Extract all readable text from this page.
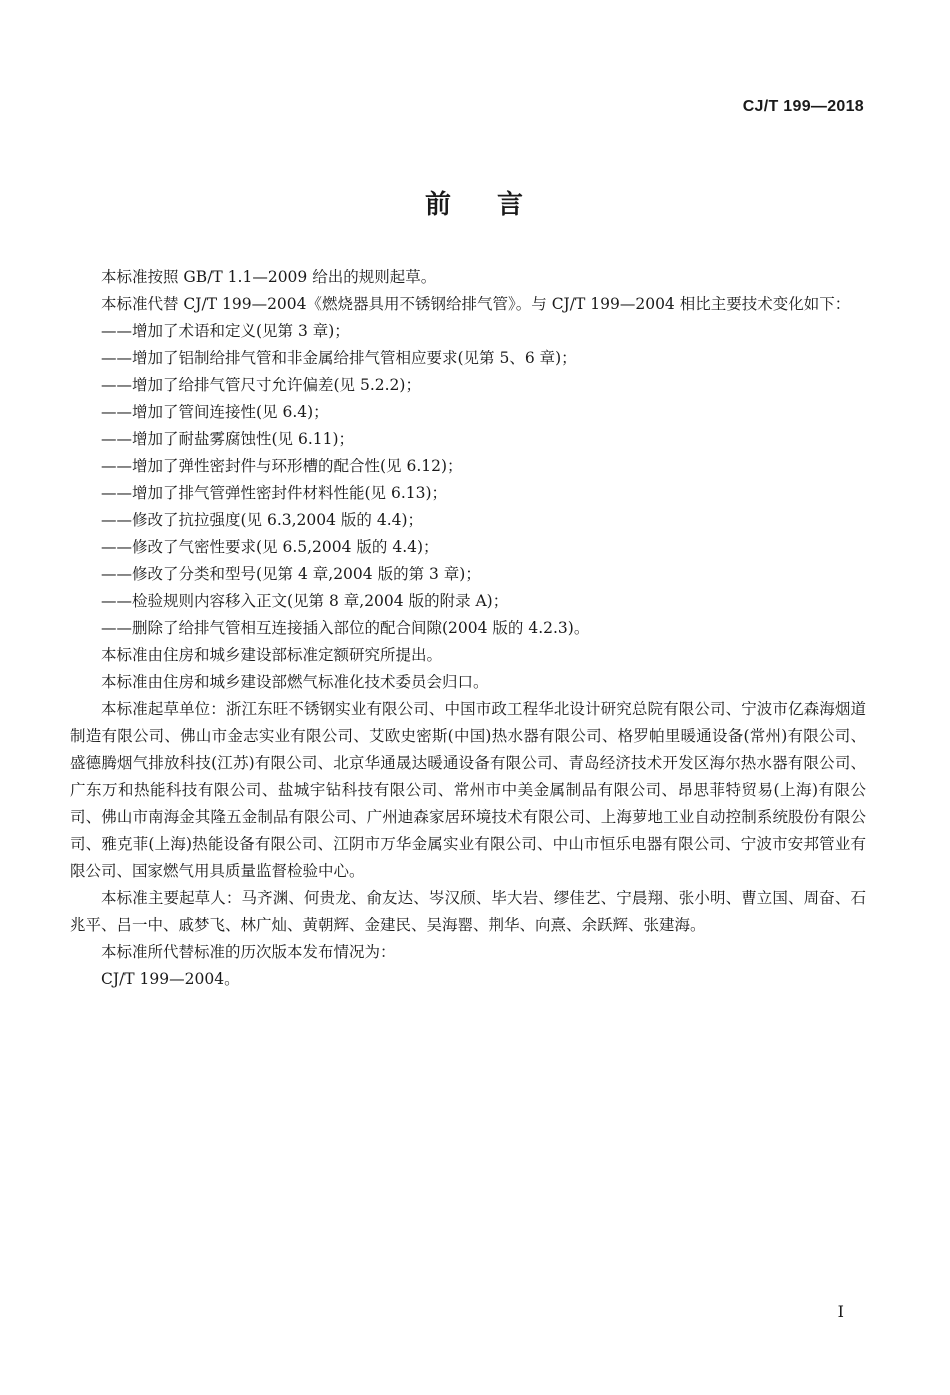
CJ/T 199—2018
前 言

本标准按照 GB/T 1.1—2009 给出的规则起草。

本标准代替 CJ/T 199—2004《燃烧器具用不锈钢给排气管》。与 CJ/T 199—2004 相比主要技术变化如下：

——增加了术语和定义(见第 3 章)；
——增加了铝制给排气管和非金属给排气管相应要求(见第 5、6 章)；
——增加了给排气管尺寸允许偏差(见 5.2.2)；
——增加了管间连接性(见 6.4)；
——增加了耐盐雾腐蚀性(见 6.11)；
——增加了弹性密封件与环形槽的配合性(见 6.12)；
——增加了排气管弹性密封件材料性能(见 6.13)；
——修改了抗拉强度(见 6.3,2004 版的 4.4)；
——修改了气密性要求(见 6.5,2004 版的 4.4)；
——修改了分类和型号(见第 4 章,2004 版的第 3 章)；
——检验规则内容移入正文(见第 8 章,2004 版的附录 A)；
——删除了给排气管相互连接插入部位的配合间隙(2004 版的 4.2.3)。

本标准由住房和城乡建设部标准定额研究所提出。

本标准由住房和城乡建设部燃气标准化技术委员会归口。

本标准起草单位：浙江东旺不锈钢实业有限公司、中国市政工程华北设计研究总院有限公司、宁波市亿森海烟道制造有限公司、佛山市金志实业有限公司、艾欧史密斯(中国)热水器有限公司、格罗帕里暖通设备(常州)有限公司、盛德腾烟气排放科技(江苏)有限公司、北京华通晟达暖通设备有限公司、青岛经济技术开发区海尔热水器有限公司、广东万和热能科技有限公司、盐城宇钻科技有限公司、常州市中美金属制品有限公司、昂思菲特贸易(上海)有限公司、佛山市南海金其隆五金制品有限公司、广州迪森家居环境技术有限公司、上海萝地工业自动控制系统股份有限公司、雅克菲(上海)热能设备有限公司、江阴市万华金属实业有限公司、中山市恒乐电器有限公司、宁波市安邦管业有限公司、国家燃气用具质量监督检验中心。

本标准主要起草人：马齐渊、何贵龙、俞友达、岑汉颀、毕大岩、缪佳艺、宁晨翔、张小明、曹立国、周奋、石兆平、吕一中、戚梦飞、林广灿、黄朝辉、金建民、吴海罂、荆华、向熹、余跃辉、张建海。

本标准所代替标准的历次版本发布情况为：

CJ/T 199—2004。

I
